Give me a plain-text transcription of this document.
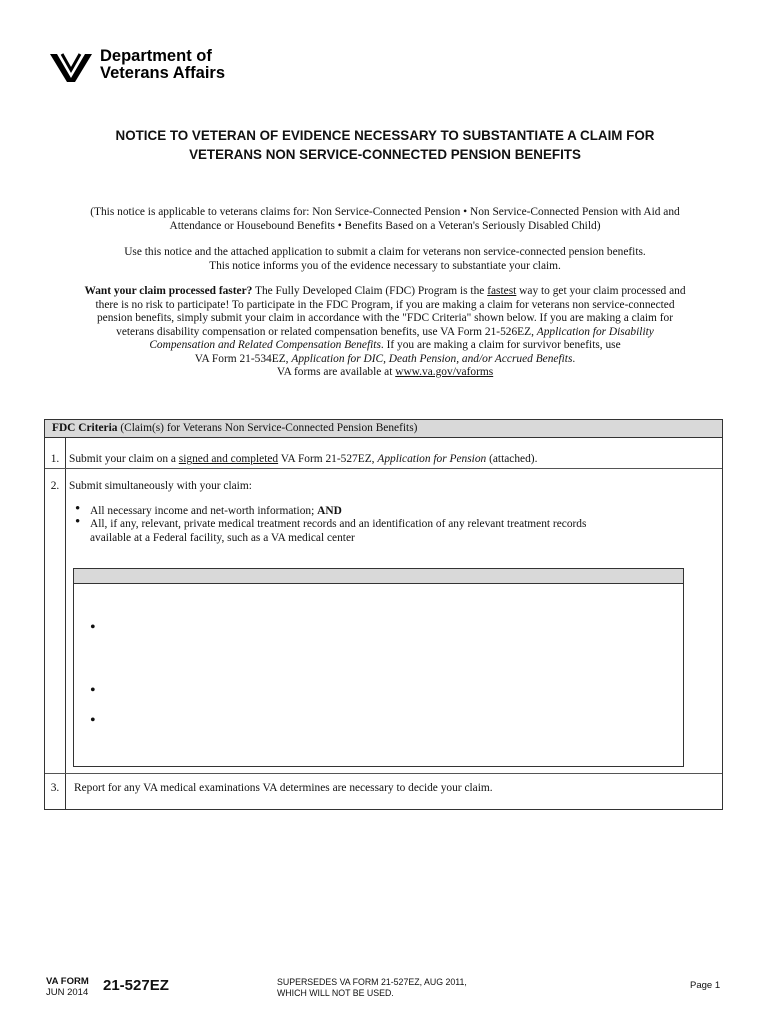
Department of
Veterans Affairs
NOTICE TO VETERAN OF EVIDENCE NECESSARY TO SUBSTANTIATE A CLAIM FOR
VETERANS NON SERVICE-CONNECTED PENSION BENEFITS
(This notice is applicable to veterans claims for: Non Service-Connected Pension • Non Service-Connected Pension with Aid and
Attendance or Housebound Benefits • Benefits Based on a Veteran's Seriously Disabled Child)
Use this notice and the attached application to submit a claim for veterans non service-connected pension benefits.
This notice informs you of the evidence necessary to substantiate your claim.
Want your claim processed faster? The Fully Developed Claim (FDC) Program is the fastest way to get your claim processed and
there is no risk to participate! To participate in the FDC Program, if you are making a claim for veterans non service-connected
pension benefits, simply submit your claim in accordance with the "FDC Criteria" shown below. If you are making a claim for
veterans disability compensation or related compensation benefits, use VA Form 21-526EZ, Application for Disability
Compensation and Related Compensation Benefits. If you are making a claim for survivor benefits, use
VA Form 21-534EZ, Application for DIC, Death Pension, and/or Accrued Benefits.
VA forms are available at www.va.gov/vaforms
FDC Criteria (Claim(s) for Veterans Non Service-Connected Pension Benefits)
1. Submit your claim on a signed and completed VA Form 21-527EZ, Application for Pension (attached).
2. Submit simultaneously with your claim:
• All necessary income and net-worth information; AND
• All, if any, relevant, private medical treatment records and an identification of any relevant treatment records available at a Federal facility, such as a VA medical center
•
•
•
3.	Report for any VA medical examinations VA determines are necessary to decide your claim.
VA FORM
JUN 2014 21-527EZ	SUPERSEDES VA FORM 21-527EZ, AUG 2011,
WHICH WILL NOT BE USED.
Page 1
